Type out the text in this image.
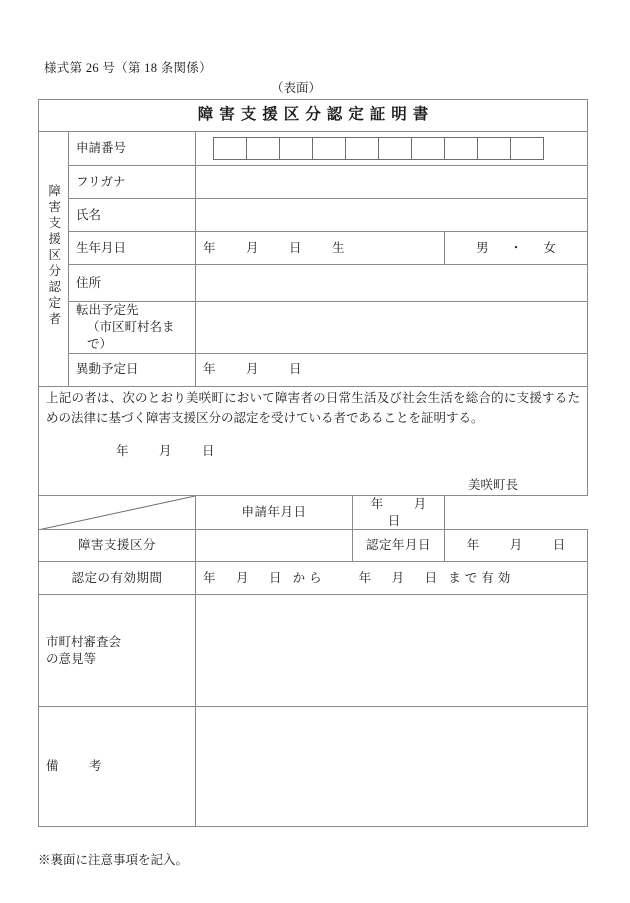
様式第 26 号（第 18 条関係）
（表面）
障害支援区分認定証明書				
障害支援区分認定者	申請番号			

	フリガナ			
	氏名			
	生年月日	年　月　日　生		男 ・ 女
	住所			
	転出予定先
（市区町村名まで）			

	異動予定日	年　月　日		

上記の者は、次のとおり美咲町において障害者の日常生活及び社会生活を総合的に支援するための法律に基づく障害支援区分の認定を受けている者であることを証明する。
年　月　日
美咲町長				

	申請年月日	年　月　日	
障害支援区分			認定年月日	年　月　日
認定の有効期間		年　月　日 から　　年　月　日 まで有効		
市町村審査会
の意見等				
備　考				
※裏面に注意事項を記入。
